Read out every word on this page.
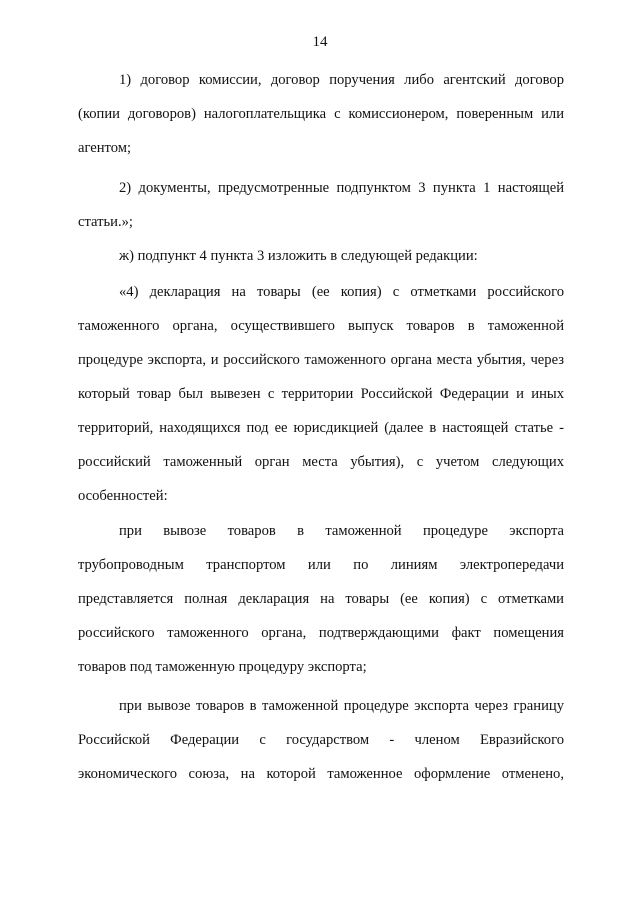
14

1) договор комиссии, договор поручения либо агентский договор (копии договоров) налогоплательщика с комиссионером, поверенным или агентом;

2) документы, предусмотренные подпунктом 3 пункта 1 настоящей статьи.»;

ж) подпункт 4 пункта 3 изложить в следующей редакции:

«4) декларация на товары (ее копия) с отметками российского таможенного органа, осуществившего выпуск товаров в таможенной процедуре экспорта, и российского таможенного органа места убытия, через который товар был вывезен с территории Российской Федерации и иных территорий, находящихся под ее юрисдикцией (далее в настоящей статье - российский таможенный орган места убытия), с учетом следующих особенностей:

при вывозе товаров в таможенной процедуре экспорта трубопроводным транспортом или по линиям электропередачи представляется полная декларация на товары (ее копия) с отметками российского таможенного органа, подтверждающими факт помещения товаров под таможенную процедуру экспорта;

при вывозе товаров в таможенной процедуре экспорта через границу Российской Федерации с государством - членом Евразийского экономического союза, на которой таможенное оформление отменено,
